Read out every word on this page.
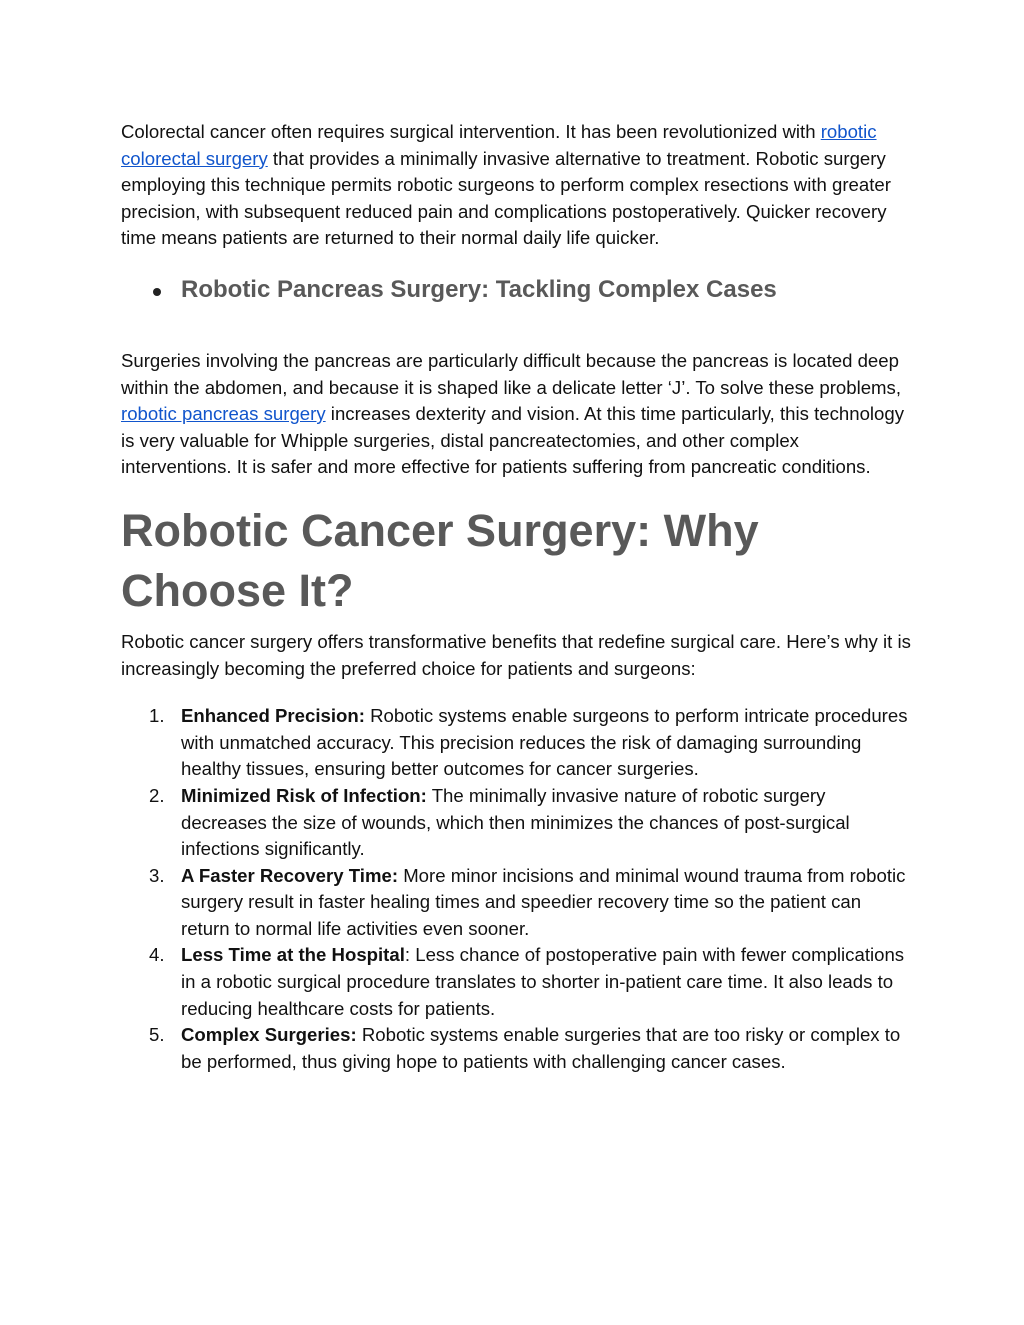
Colorectal cancer often requires surgical intervention. It has been revolutionized with robotic colorectal surgery that provides a minimally invasive alternative to treatment. Robotic surgery employing this technique permits robotic surgeons to perform complex resections with greater precision, with subsequent reduced pain and complications postoperatively. Quicker recovery time means patients are returned to their normal daily life quicker.

Robotic Pancreas Surgery: Tackling Complex Cases

Surgeries involving the pancreas are particularly difficult because the pancreas is located deep within the abdomen, and because it is shaped like a delicate letter ‘J’. To solve these problems, robotic pancreas surgery increases dexterity and vision. At this time particularly, this technology is very valuable for Whipple surgeries, distal pancreatectomies, and other complex interventions. It is safer and more effective for patients suffering from pancreatic conditions.

Robotic Cancer Surgery: Why Choose It?

Robotic cancer surgery offers transformative benefits that redefine surgical care. Here’s why it is increasingly becoming the preferred choice for patients and surgeons:

1. Enhanced Precision: Robotic systems enable surgeons to perform intricate procedures with unmatched accuracy. This precision reduces the risk of damaging surrounding healthy tissues, ensuring better outcomes for cancer surgeries.
2. Minimized Risk of Infection: The minimally invasive nature of robotic surgery decreases the size of wounds, which then minimizes the chances of post-surgical infections significantly.
3. A Faster Recovery Time: More minor incisions and minimal wound trauma from robotic surgery result in faster healing times and speedier recovery time so the patient can return to normal life activities even sooner.
4. Less Time at the Hospital: Less chance of postoperative pain with fewer complications in a robotic surgical procedure translates to shorter in-patient care time. It also leads to reducing healthcare costs for patients.
5. Complex Surgeries: Robotic systems enable surgeries that are too risky or complex to be performed, thus giving hope to patients with challenging cancer cases.
